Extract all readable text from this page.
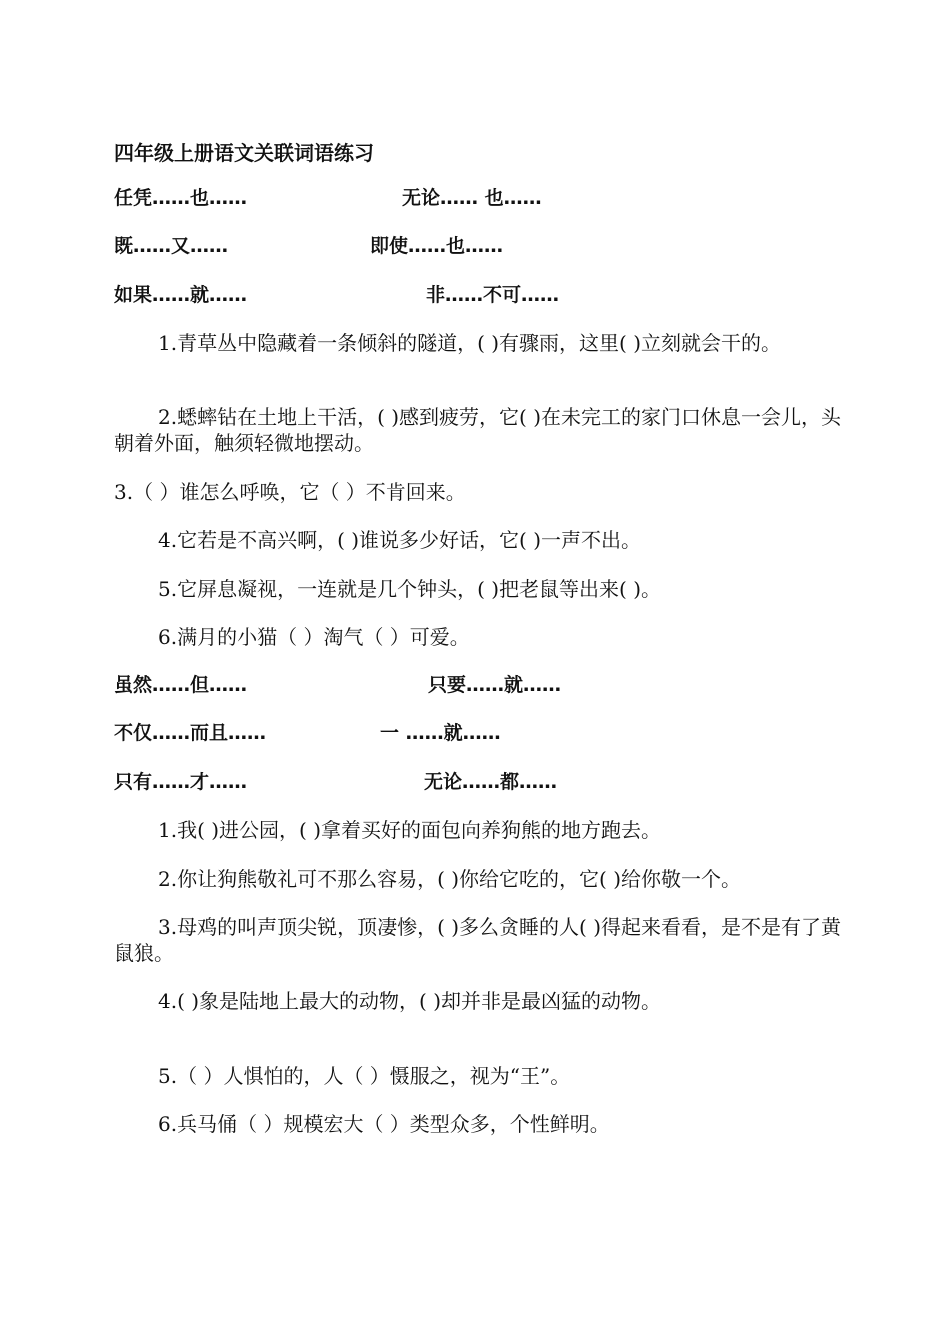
四年级上册语文关联词语练习
任凭……也……	无论…… 也……
既……又……	即使……也……
如果……就……	非……不可……
1.青草丛中隐藏着一条倾斜的隧道，( )有骤雨，这里( )立刻就会干的。
2.蟋蟀钻在土地上干活，( )感到疲劳，它( )在未完工的家门口休息一会儿，头朝着外面，触须轻微地摆动。
3.（ ）谁怎么呼唤，它（ ）不肯回来。
4.它若是不高兴啊，( )谁说多少好话，它( )一声不出。
5.它屏息凝视，一连就是几个钟头，( )把老鼠等出来( )。
6.满月的小猫（ ）淘气（ ）可爱。
虽然……但……	只要……就……
不仅……而且……	一 ……就……
只有……才……	无论……都……
1.我( )进公园，( )拿着买好的面包向养狗熊的地方跑去。
2.你让狗熊敬礼可不那么容易，( )你给它吃的，它( )给你敬一个。
3.母鸡的叫声顶尖锐，顶凄惨，( )多么贪睡的人( )得起来看看，是不是有了黄鼠狼。
4.( )象是陆地上最大的动物，( )却并非是最凶猛的动物。
5.（ ）人惧怕的，人（ ）慑服之，视为“王”。
6.兵马俑（ ）规模宏大（ ）类型众多，个性鲜明。
